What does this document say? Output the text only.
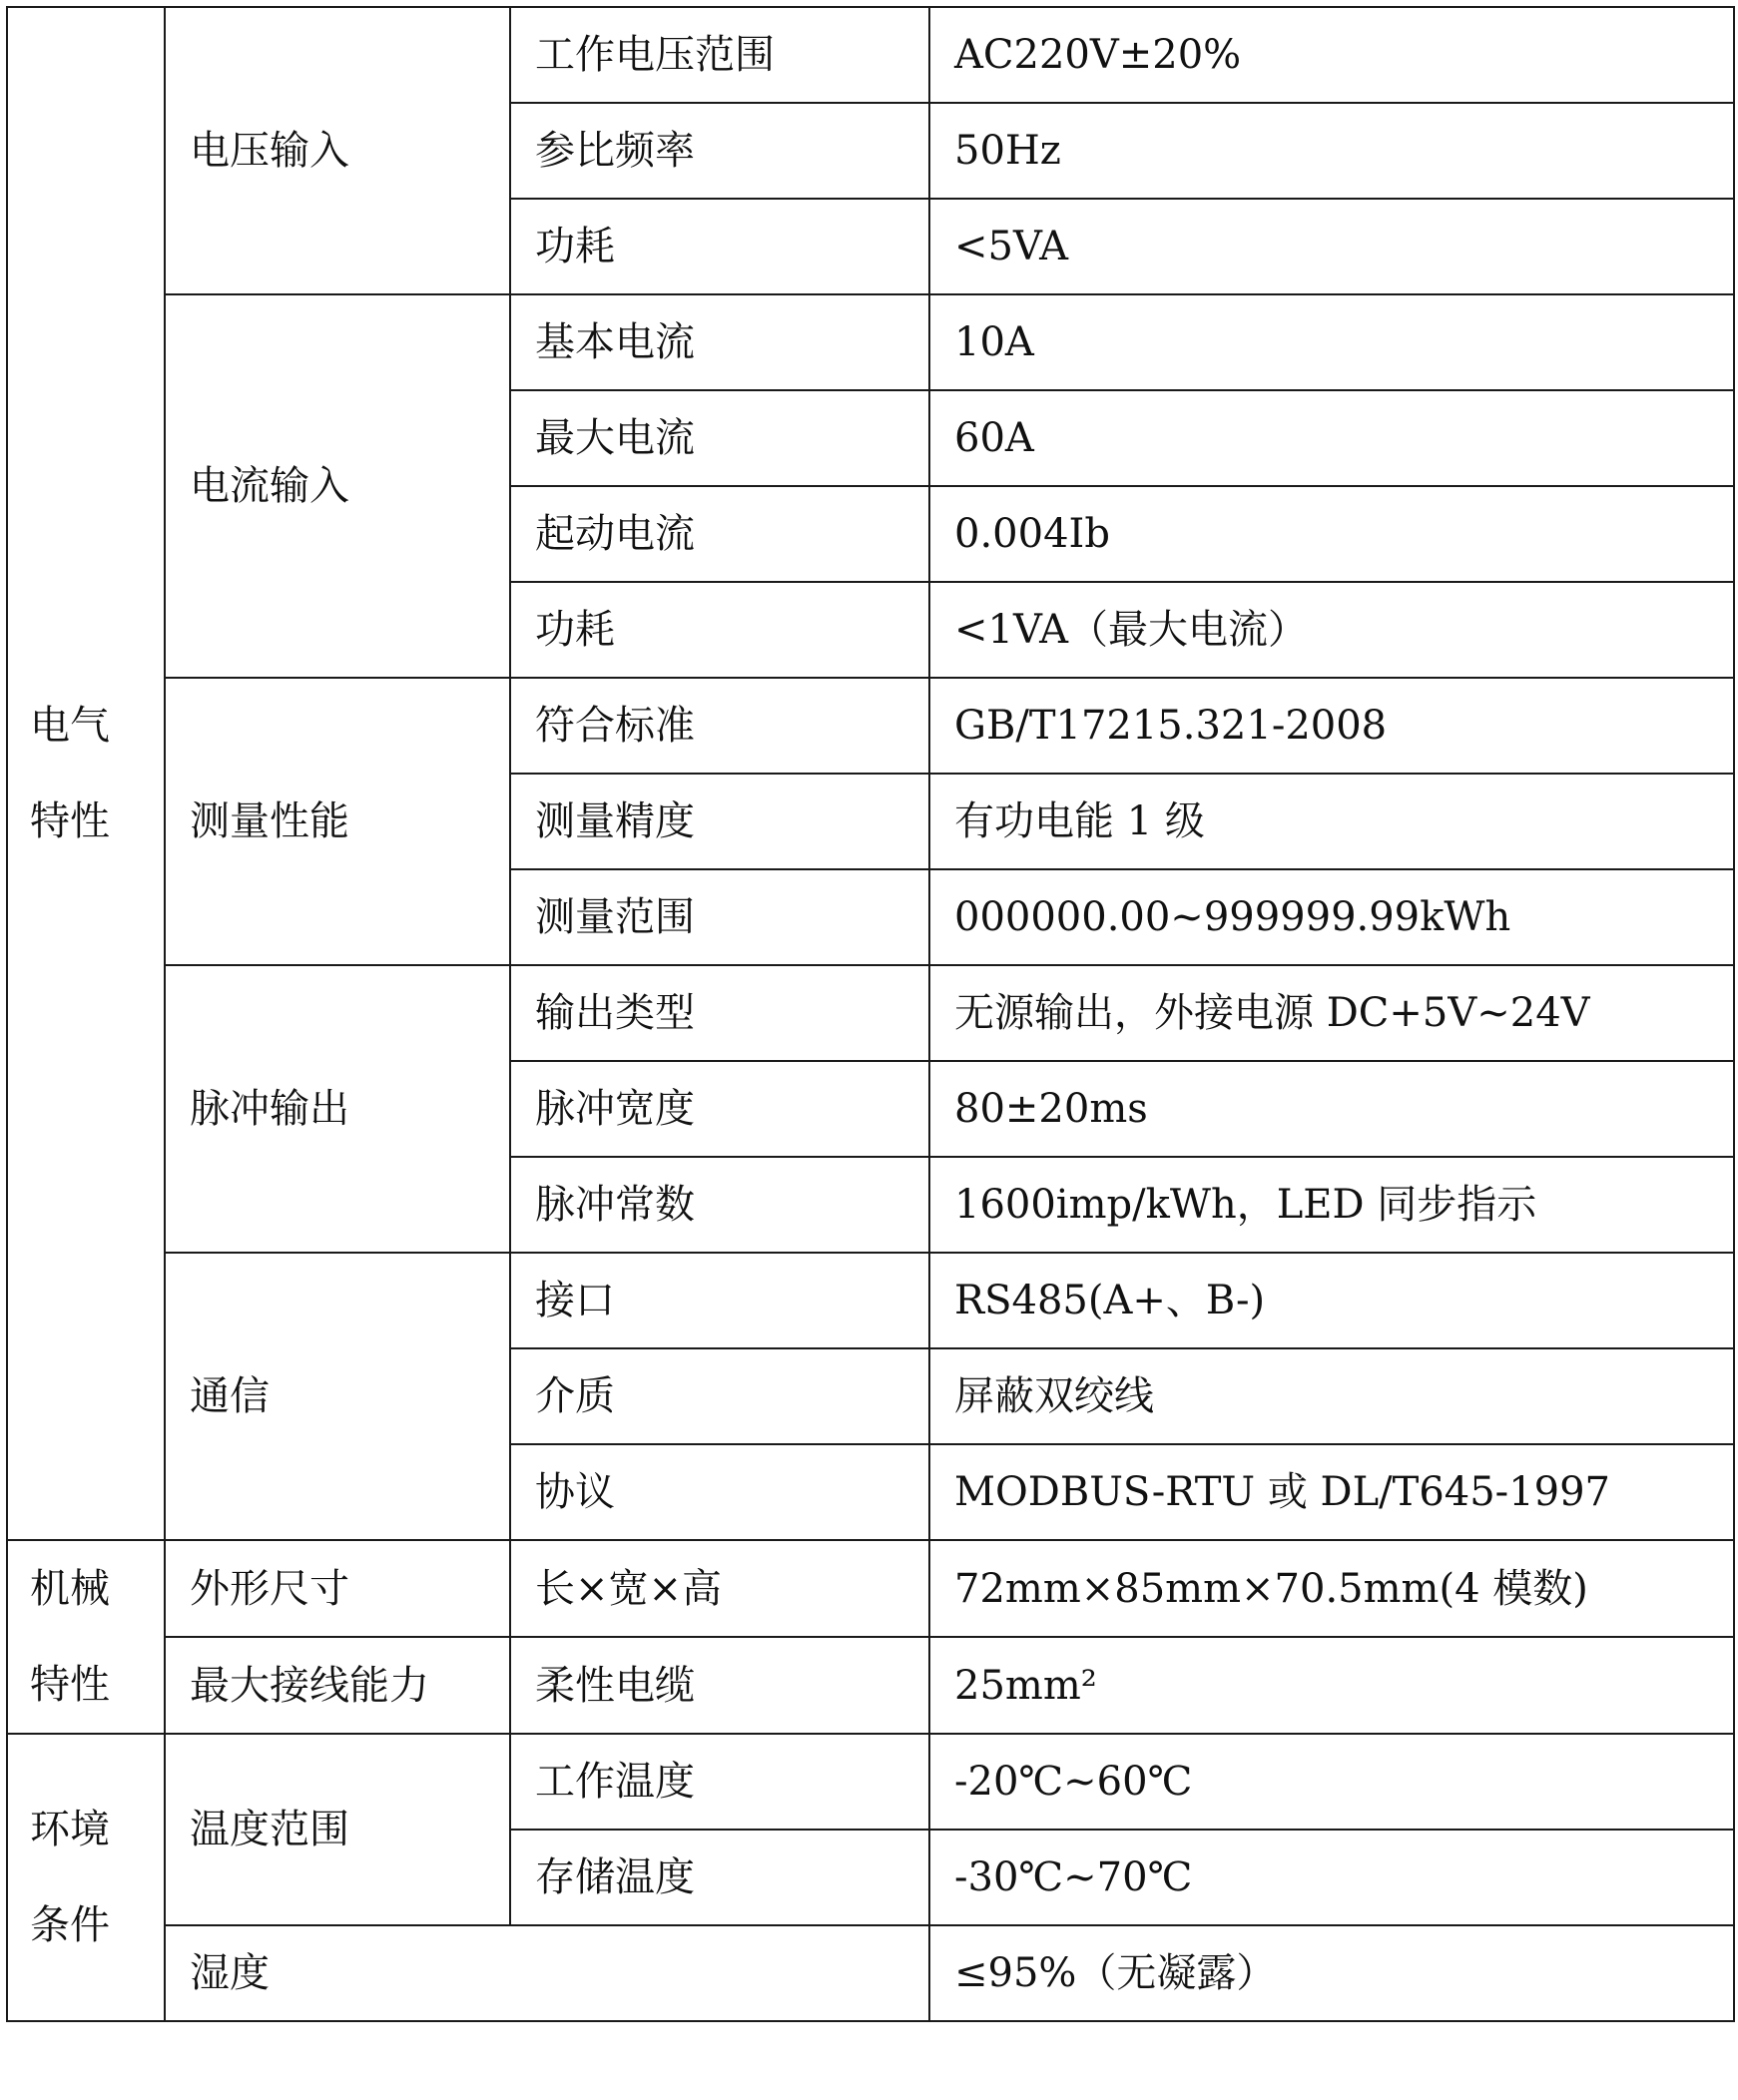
电气特性	电压输入	工作电压范围	AC220V±20%
		参比频率	50Hz
		功耗	<5VA
	电流输入	基本电流	10A
		最大电流	60A
		起动电流	0.004Ib
		功耗	<1VA（最大电流）
	测量性能	符合标准	GB/T17215.321-2008
		测量精度	有功电能 1 级
		测量范围	000000.00~999999.99kWh
	脉冲输出	输出类型	无源输出，外接电源 DC+5V~24V
		脉冲宽度	80±20ms
		脉冲常数	1600imp/kWh，LED 同步指示
	通信	接口	RS485(A+、B-)
		介质	屏蔽双绞线
		协议	MODBUS-RTU 或 DL/T645-1997

机械特性	外形尺寸	长×宽×高	72mm×85mm×70.5mm(4 模数)
	最大接线能力	柔性电缆	25mm²

环境条件	温度范围	工作温度	-20℃~60℃
		存储温度	-30℃~70℃
	湿度		≤95%（无凝露）
